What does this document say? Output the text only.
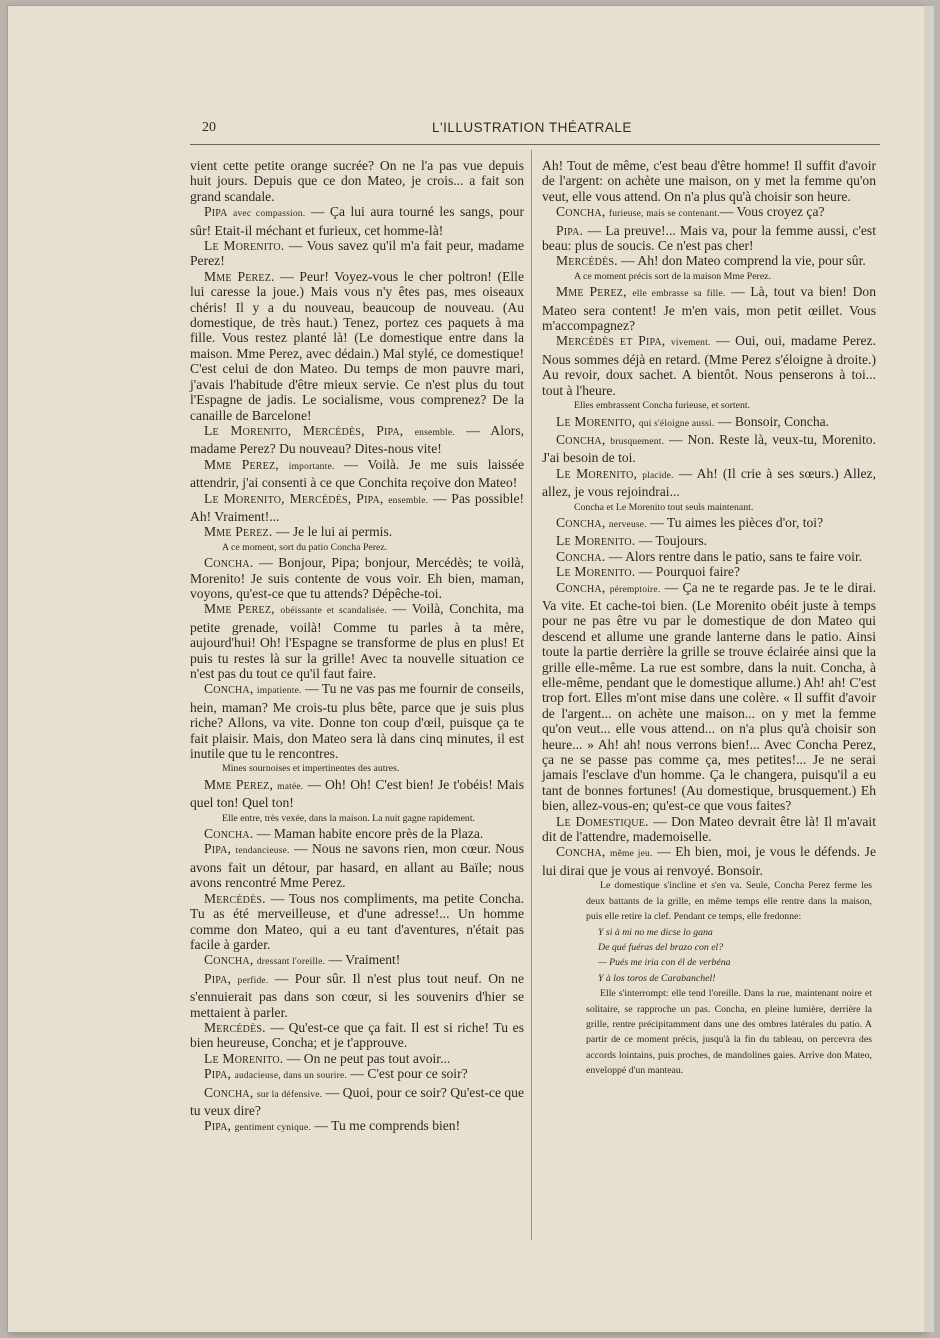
20	L'ILLUSTRATION THÉATRALE

vient cette petite orange sucrée? On ne l'a pas vue depuis huit jours. Depuis que ce don Mateo, je crois... a fait son grand scandale.

Pipa avec compassion. — Ça lui aura tourné les sangs, pour sûr! Etait-il méchant et furieux, cet homme-là!

Le Morenito. — Vous savez qu'il m'a fait peur, madame Perez!

Mme Perez. — Peur! Voyez-vous le cher poltron! (Elle lui caresse la joue.) Mais vous n'y êtes pas, mes oiseaux chéris! Il y a du nouveau, beaucoup de nouveau. (Au domestique, de très haut.) Tenez, portez ces paquets à ma fille. Vous restez planté là! (Le domestique entre dans la maison. Mme Perez, avec dédain.) Mal stylé, ce domestique! C'est celui de don Mateo. Du temps de mon pauvre mari, j'avais l'habitude d'être mieux servie. Ce n'est plus du tout l'Espagne de jadis. Le socialisme, vous comprenez? De la canaille de Barcelone!

Le Morenito, Mercédès, Pipa, ensemble. — Alors, madame Perez? Du nouveau? Dites-nous vite!

Mme Perez, importante. — Voilà. Je me suis laissée attendrir, j'ai consenti à ce que Conchita reçoive don Mateo!

Le Morenito, Mercédès, Pipa, ensemble. — Pas possible! Ah! Vraiment!...

Mme Perez. — Je le lui ai permis.

A ce moment, sort du patio Concha Perez.

Concha. — Bonjour, Pipa; bonjour, Mercédès; te voilà, Morenito! Je suis contente de vous voir. Eh bien, maman, voyons, qu'est-ce que tu attends? Dépêche-toi.

Mme Perez, obéissante et scandalisée. — Voilà, Conchita, ma petite grenade, voilà! Comme tu parles à ta mère, aujourd'hui! Oh! l'Espagne se transforme de plus en plus! Et puis tu restes là sur la grille! Avec ta nouvelle situation ce n'est pas du tout ce qu'il faut faire.

Concha, impatiente. — Tu ne vas pas me fournir de conseils, hein, maman? Me crois-tu plus bête, parce que je suis plus riche? Allons, va vite. Donne ton coup d'œil, puisque ça te fait plaisir. Mais, don Mateo sera là dans cinq minutes, il est inutile que tu le rencontres.

Mines sournoises et impertinentes des autres.

Mme Perez, matée. — Oh! Oh! C'est bien! Je t'obéis! Mais quel ton! Quel ton!

Elle entre, très vexée, dans la maison. La nuit gagne rapidement.

Concha. — Maman habite encore près de la Plaza.

Pipa, tendancieuse. — Nous ne savons rien, mon cœur. Nous avons fait un détour, par hasard, en allant au Baïle; nous avons rencontré Mme Perez.

Mercédès. — Tous nos compliments, ma petite Concha. Tu as été merveilleuse, et d'une adresse!... Un homme comme don Mateo, qui a eu tant d'aventures, n'était pas facile à garder.

Concha, dressant l'oreille. — Vraiment!

Pipa, perfide. — Pour sûr. Il n'est plus tout neuf. On ne s'ennuierait pas dans son cœur, si les souvenirs d'hier se mettaient à parler.

Mercédès. — Qu'est-ce que ça fait. Il est si riche! Tu es bien heureuse, Concha; et je t'approuve.

Le Morenito. — On ne peut pas tout avoir...

Pipa, audacieuse, dans un sourire. — C'est pour ce soir?

Concha, sur la défensive. — Quoi, pour ce soir? Qu'est-ce que tu veux dire?

Pipa, gentiment cynique. — Tu me comprends bien!

Ah! Tout de même, c'est beau d'être homme! Il suffit d'avoir de l'argent: on achète une maison, on y met la femme qu'on veut, elle vous attend. On n'a plus qu'à choisir son heure.

Concha, furieuse, mais se contenant.— Vous croyez ça?

Pipa. — La preuve!... Mais va, pour la femme aussi, c'est beau: plus de soucis. Ce n'est pas cher!

Mercédès. — Ah! don Mateo comprend la vie, pour sûr.

A ce moment précis sort de la maison Mme Perez.

Mme Perez, elle embrasse sa fille. — Là, tout va bien! Don Mateo sera content! Je m'en vais, mon petit œillet. Vous m'accompagnez?

Mercédès et Pipa, vivement. — Oui, oui, madame Perez. Nous sommes déjà en retard. (Mme Perez s'éloigne à droite.) Au revoir, doux sachet. A bientôt. Nous penserons à toi... tout à l'heure.

Elles embrassent Concha furieuse, et sortent.

Le Morenito, qui s'éloigne aussi. — Bonsoir, Concha.

Concha, brusquement. — Non. Reste là, veux-tu, Morenito. J'ai besoin de toi.

Le Morenito, placide. — Ah! (Il crie à ses sœurs.) Allez, allez, je vous rejoindrai...

Concha et Le Morenito tout seuls maintenant.

Concha, nerveuse. — Tu aimes les pièces d'or, toi?

Le Morenito. — Toujours.

Concha. — Alors rentre dans le patio, sans te faire voir.

Le Morenito. — Pourquoi faire?

Concha, péremptoire. — Ça ne te regarde pas. Je te le dirai. Va vite. Et cache-toi bien. (Le Morenito obéit juste à temps pour ne pas être vu par le domestique de don Mateo qui descend et allume une grande lanterne dans le patio. Ainsi toute la partie derrière la grille se trouve éclairée ainsi que la grille elle-même. La rue est sombre, dans la nuit. Concha, à elle-même, pendant que le domestique allume.) Ah! ah! C'est trop fort. Elles m'ont mise dans une colère. « Il suffit d'avoir de l'argent... on achète une maison... on y met la femme qu'on veut... elle vous attend... on n'a plus qu'à choisir son heure... » Ah! ah! nous verrons bien!... Avec Concha Perez, ça ne se passe pas comme ça, mes petites!... Je ne serai jamais l'esclave d'un homme. Ça le changera, puisqu'il a eu tant de bonnes fortunes! (Au domestique, brusquement.) Eh bien, allez-vous-en; qu'est-ce que vous faites?

Le Domestique. — Don Mateo devrait être là! Il m'avait dit de l'attendre, mademoiselle.

Concha, même jeu. — Eh bien, moi, je vous le défends. Je lui dirai que je vous ai renvoyé. Bonsoir.

Le domestique s'incline et s'en va. Seule, Concha Perez ferme les deux battants de la grille, en même temps elle rentre dans la maison, puis elle retire la clef. Pendant ce temps, elle fredonne:

Y si à mi no me dicse lo gana

De qué fuéras del brazo con el?

— Pués me iria con él de verbéna

Y à los toros de Carabanchel!

Elle s'interrompt: elle tend l'oreille. Dans la rue, maintenant noire et solitaire, se rapproche un pas. Concha, en pleine lumière, derrière la grille, rentre précipitamment dans une des ombres latérales du patio. A partir de ce moment précis, jusqu'à la fin du tableau, on percevra des accords lointains, puis proches, de mandolines gaies. Arrive don Mateo, enveloppé d'un manteau.
